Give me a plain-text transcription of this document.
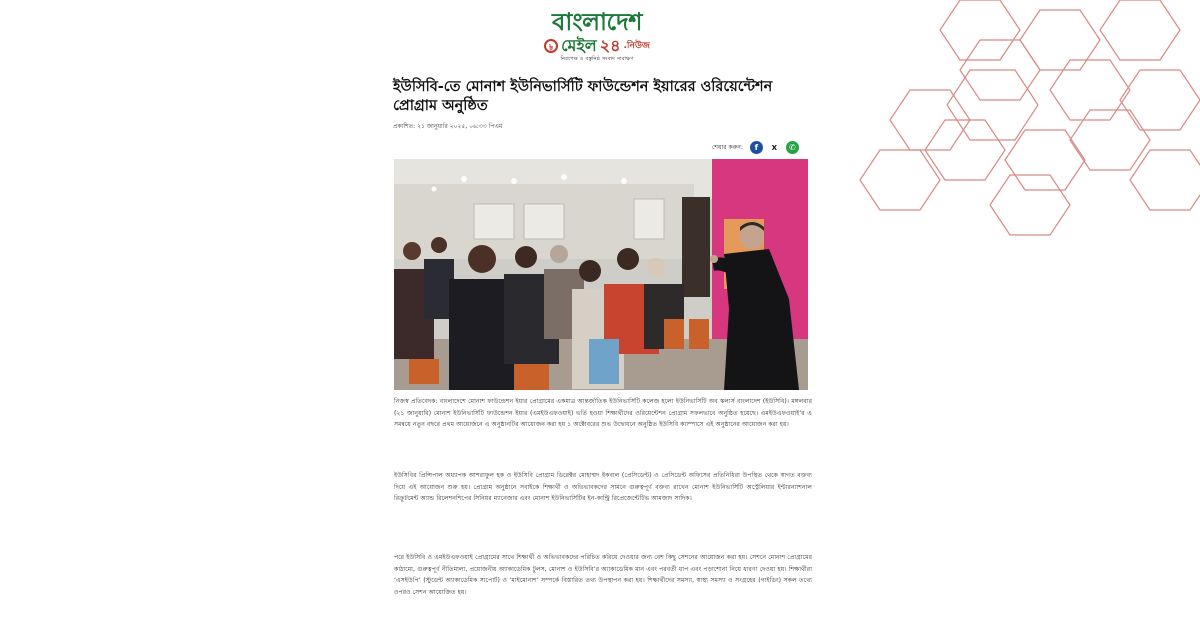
বাংলাদেশ
৳ মেইল ২৪ .নিউজ
নিরপেক্ষ ও বস্তুনিষ্ঠ সংবাদ সারাক্ষণ
ইউসিবি-তে মোনাশ ইউনিভার্সিটি ফাউন্ডেশন ইয়ারের ওরিয়েন্টেশন প্রোগ্রাম অনুষ্ঠিত
প্রকাশিত: ২১ জানুয়ারি ২০২৫, ০৬:৩৩ পিএম
শেয়ার করুন:	f	X	✆

নিজস্ব প্রতিবেদক: বাংলাদেশে মোনাশ ফাউন্ডেশন ইয়ার প্রোগ্রামের একমাত্র আন্তর্জাতিক ইউনিভার্সিটি কলেজ হলো ইউনিভার্সিটি অব স্কলার্স বাংলাদেশ (ইউসিবি)। মঙ্গলবার (২১ জানুয়ারি) মোনাশ ইউনিভার্সিটি ফাউন্ডেশন ইয়ার (এমইউএফওয়াই) ভর্তি হওয়া শিক্ষার্থীদের ওরিয়েন্টেশন প্রোগ্রাম সফলভাবে অনুষ্ঠিত হয়েছে। এমইউএফওয়াই’র এ সমন্বয়ে নতুন বছরে প্রথম আয়োজনে এ অনুষ্ঠানটির আয়োজন করা হয় ১ অক্টোবরের শুভ উদ্বোধনে অনুষ্ঠিত ইউসিবি ক্যাম্পাসে এই অনুষ্ঠানের আয়োজন করা হয়।

ইউসিবির প্রিন্সিপাল অধ্যাপক আশরাফুল হক ও ইউসিবি প্রোগ্রাম ডিরেক্টর মোহাম্মদ ইকবাল (প্রেসিডেন্ট) ও প্রেসিডেন্ট অফিসের প্রতিনিধিরা উপস্থিত থেকে স্বাগত বক্তব্য দিয়ে এই আয়োজন শুরু হয়। প্রোগ্রাম অনুষ্ঠানে সবাইকে শিক্ষার্থী ও অভিভাবকদের সামনে গুরুত্বপূর্ণ বক্তব্য রাখেন মোনাশ ইউনিভার্সিটি অস্ট্রেলিয়ার ইন্টারন্যাশনাল রিক্রুটমেন্ট অ্যান্ড রিলেশনশিপের সিনিয়র ম্যানেজার এবং মোনাশ ইউনিভার্সিটির ইন-কান্ট্রি রিপ্রেজেন্টেটিভ আমজাদ সাদিক।

পরে ইউসিবি ও এমইউএফওয়াই প্রোগ্রামের সাথে শিক্ষার্থী ও অভিভাবকদের পরিচিত করিয়ে দেওয়ার জন্য বেশ কিছু সেশনের আয়োজন করা হয়। সেশনে মোনাশ প্রোগ্রামের কাঠামো, গুরুত্বপূর্ণ নীতিমালা, প্রয়োজনীয় অ্যাকাডেমিক টুলস, মোনাশ ও ইউসিবি’র অ্যাকাডেমিক মান এবং পরবর্তী ধাপ এবং পড়াশোনা নিয়ে ধারণা দেওয়া হয়। শিক্ষার্থীরা ‘এসইউপি’ (স্টুডেন্ট অ্যাকাডেমিক সাপোর্ট) ও ‘মাইমোনাশ’ সম্পর্কে বিস্তারিত তথ্য উপস্থাপন করা হয়। শিক্ষার্থীদের সমস্যা, স্বাস্থ্য সমস্যা ও সংগ্রহের (গাইডিং) সকল তথ্যে ওপরও সেশন আয়োজিত হয়।
